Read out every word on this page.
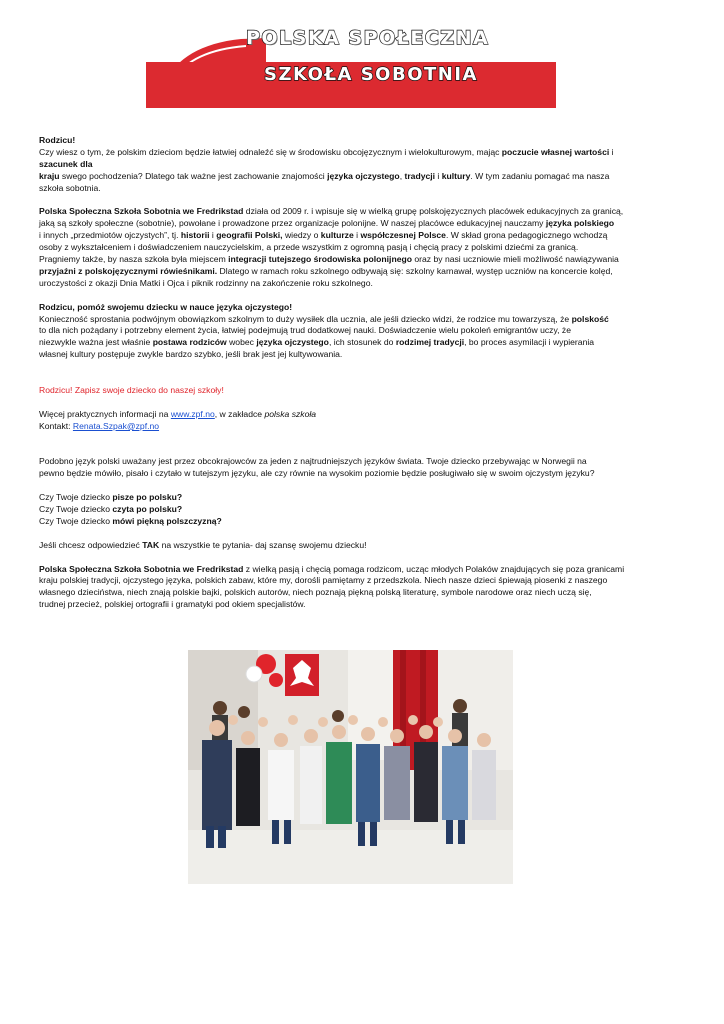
POLSKA SPOŁECZNA
SZKOŁA SOBOTNIA

Rodzicu!

Czy wiesz o tym, że polskim dzieciom będzie łatwiej odnaleźć się w środowisku obcojęzycznym i wielokulturowym, mając poczucie własnej wartości i

szacunek dla

kraju swego pochodzenia? Dlatego tak ważne jest zachowanie znajomości języka ojczystego, tradycji i kultury. W tym zadaniu pomagać ma nasza

szkoła sobotnia.

Polska Społeczna Szkoła Sobotnia we Fredrikstad działa od 2009 r. i wpisuje się w wielką grupę polskojęzycznych placówek edukacyjnych za granicą,

jaką są szkoły społeczne (sobotnie), powołane i prowadzone przez organizacje polonijne. W naszej placówce edukacyjnej nauczamy języka polskiego

i innych „przedmiotów ojczystych”, tj. historii i geografii Polski, wiedzy o kulturze i współczesnej Polsce. W skład grona pedagogicznego wchodzą

osoby z wykształceniem i doświadczeniem nauczycielskim, a przede wszystkim z ogromną pasją i chęcią pracy z polskimi dziećmi za granicą.

Pragniemy także, by nasza szkoła była miejscem integracji tutejszego środowiska polonijnego oraz by nasi uczniowie mieli możliwość nawiązywania

przyjaźni z polskojęzycznymi rówieśnikami. Dlatego w ramach roku szkolnego odbywają się: szkolny karnawał, występ uczniów na koncercie kolęd,

uroczystości z okazji Dnia Matki i Ojca i piknik rodzinny na zakończenie roku szkolnego.

Rodzicu, pomóż swojemu dziecku w nauce języka ojczystego!

Konieczność sprostania podwójnym obowiązkom szkolnym to duży wysiłek dla ucznia, ale jeśli dziecko widzi, że rodzice mu towarzyszą, że polskość

to dla nich pożądany i potrzebny element życia, łatwiej podejmują trud dodatkowej nauki. Doświadczenie wielu pokoleń emigrantów uczy, że

niezwykle ważna jest właśnie postawa rodziców wobec języka ojczystego, ich stosunek do rodzimej tradycji, bo proces asymilacji i wypierania

własnej kultury postępuje zwykle bardzo szybko, jeśli brak jest jej kultywowania.

Rodzicu! Zapisz swoje dziecko do naszej szkoły!

Więcej praktycznych informacji na www.zpf.no, w zakładce polska szkoła

Kontakt: Renata.Szpak@zpf.no

Podobno język polski uważany jest przez obcokrajowców za jeden z najtrudniejszych języków świata. Twoje dziecko przebywając w Norwegii na

pewno będzie mówiło, pisało i czytało w tutejszym języku, ale czy równie na wysokim poziomie będzie posługiwało się w swoim ojczystym języku?

Czy Twoje dziecko pisze po polsku?

Czy Twoje dziecko czyta po polsku?

Czy Twoje dziecko mówi piękną polszczyzną?

Jeśli chcesz odpowiedzieć TAK na wszystkie te pytania- daj szansę swojemu dziecku!

Polska Społeczna Szkoła Sobotnia we Fredrikstad z wielką pasją i chęcią pomaga rodzicom, ucząc młodych Polaków znajdujących się poza granicami

kraju polskiej tradycji, ojczystego języka, polskich zabaw, które my, dorośli pamiętamy z przedszkola. Niech nasze dzieci śpiewają piosenki z naszego

własnego dzieciństwa, niech znają polskie bajki, polskich autorów, niech poznają piękną polską literaturę, symbole narodowe oraz niech uczą się,

trudnej przecież, polskiej ortografii i gramatyki pod okiem specjalistów.
